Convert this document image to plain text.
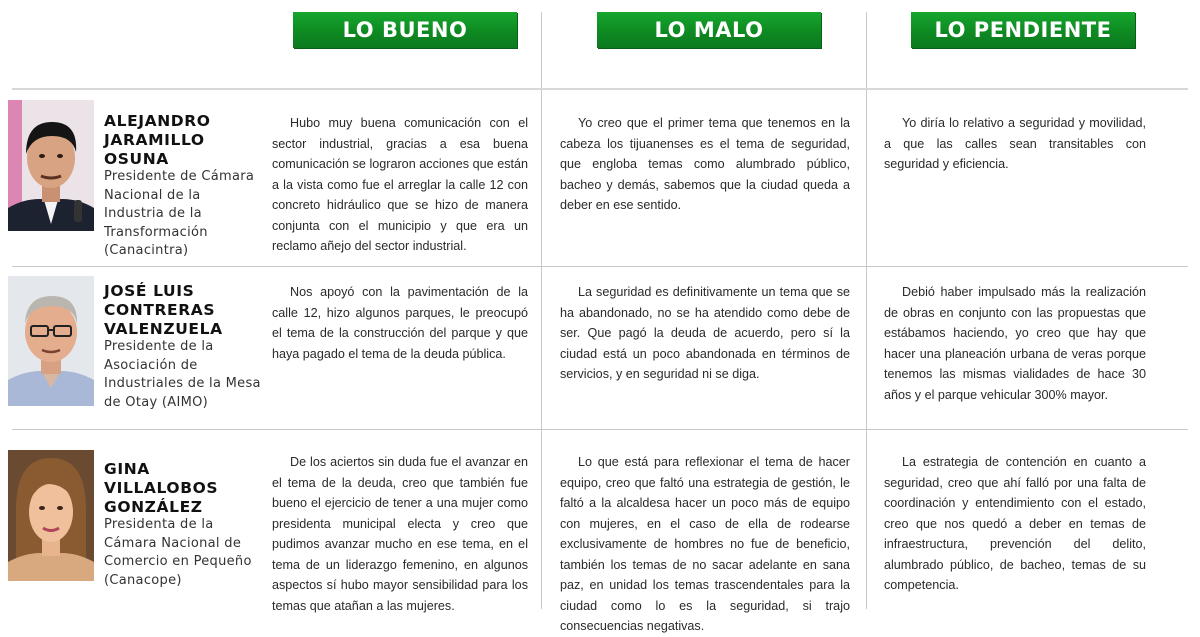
LO BUENO	LO MALO	LO PENDIENTE
ALEJANDRO JARAMILLO OSUNA
Presidente de Cámara Nacional de la Industria de la Transformación (Canacintra)
Hubo muy buena comunicación con el sector industrial, gracias a esa buena comunicación se lograron acciones que están a la vista como fue el arreglar la calle 12 con concreto hidráulico que se hizo de manera conjunta con el municipio y que era un reclamo añejo del sector industrial.
Yo creo que el primer tema que tenemos en la cabeza los tijuanenses es el tema de seguridad, que engloba temas como alumbrado público, bacheo y demás, sabemos que la ciudad queda a deber en ese sentido.
Yo diría lo relativo a seguridad y movilidad, a que las calles sean transitables con seguridad y eficiencia.
JOSÉ LUIS CONTRERAS VALENZUELA
Presidente de la Asociación de Industriales de la Mesa de Otay (AIMO)
Nos apoyó con la pavimentación de la calle 12, hizo algunos parques, le preocupó el tema de la construcción del parque y que haya pagado el tema de la deuda pública.
La seguridad es definitivamente un tema que se ha abandonado, no se ha atendido como debe de ser. Que pagó la deuda de acuerdo, pero sí la ciudad está un poco abandonada en términos de servicios, y en seguridad ni se diga.
Debió haber impulsado más la realización de obras en conjunto con las propuestas que estábamos haciendo, yo creo que hay que hacer una planeación urbana de veras porque tenemos las mismas vialidades de hace 30 años y el parque vehicular 300% mayor.
GINA VILLALOBOS GONZÁLEZ
Presidenta de la Cámara Nacional de Comercio en Pequeño (Canacope)
De los aciertos sin duda fue el avanzar en el tema de la deuda, creo que también fue bueno el ejercicio de tener a una mujer como presidenta municipal electa y creo que pudimos avanzar mucho en ese tema, en el tema de un liderazgo femenino, en algunos aspectos sí hubo mayor sensibilidad para los temas que atañan a las mujeres.
Lo que está para reflexionar el tema de hacer equipo, creo que faltó una estrategia de gestión, le faltó a la alcaldesa hacer un poco más de equipo con mujeres, en el caso de ella de rodearse exclusivamente de hombres no fue de beneficio, también los temas de no sacar adelante en sana paz, en unidad los temas trascendentales para la ciudad como lo es la seguridad, si trajo consecuencias negativas.
La estrategia de contención en cuanto a seguridad, creo que ahí falló por una falta de coordinación y entendimiento con el estado, creo que nos quedó a deber en temas de infraestructura, prevención del delito, alumbrado público, de bacheo, temas de su competencia.
